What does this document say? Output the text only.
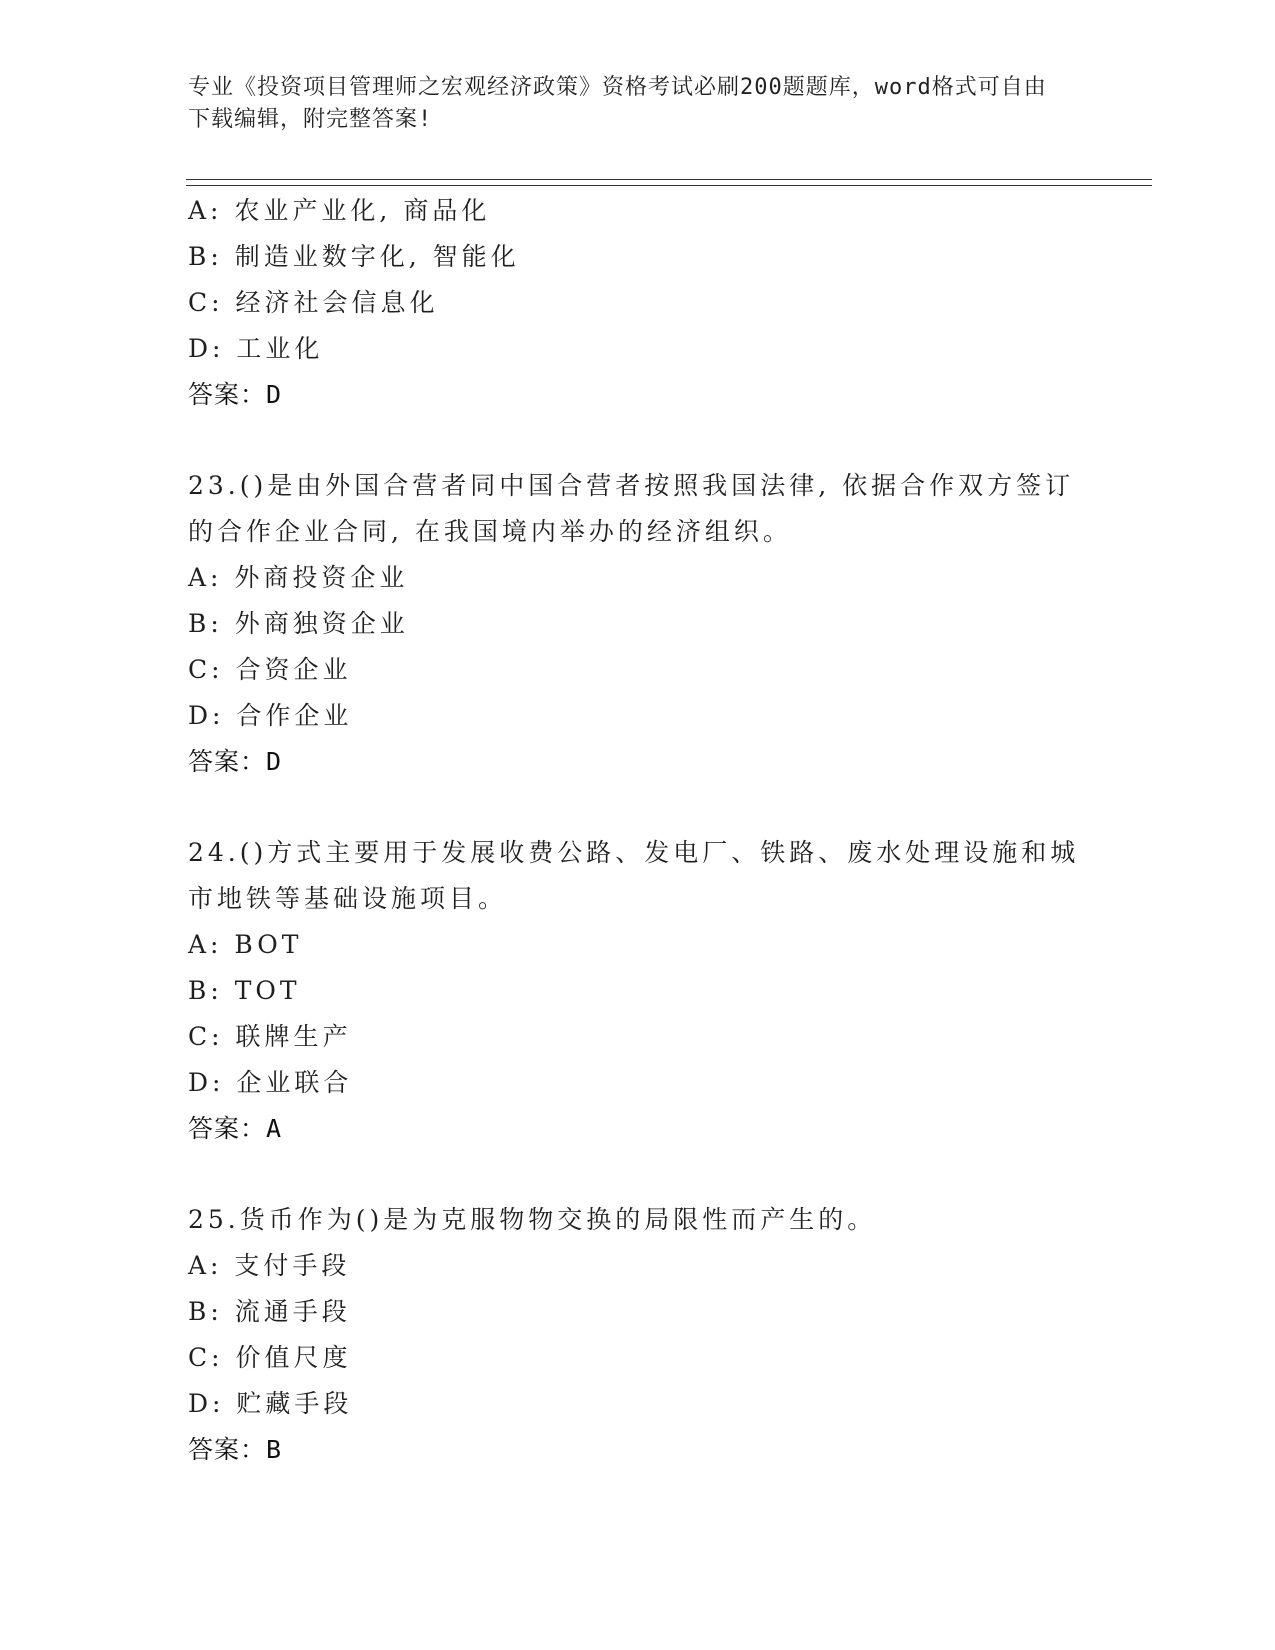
专业《投资项目管理师之宏观经济政策》资格考试必刷200题题库，word格式可自由下载编辑，附完整答案!
A: 农业产业化, 商品化
B: 制造业数字化, 智能化
C: 经济社会信息化
D: 工业化
答案：D
23.()是由外国合营者同中国合营者按照我国法律, 依据合作双方签订的合作企业合同, 在我国境内举办的经济组织。
A: 外商投资企业
B: 外商独资企业
C: 合资企业
D: 合作企业
答案：D
24.()方式主要用于发展收费公路、发电厂、铁路、废水处理设施和城市地铁等基础设施项目。
A: BOT
B: TOT
C: 联牌生产
D: 企业联合
答案：A
25.货币作为()是为克服物物交换的局限性而产生的。
A: 支付手段
B: 流通手段
C: 价值尺度
D: 贮藏手段
答案：B
